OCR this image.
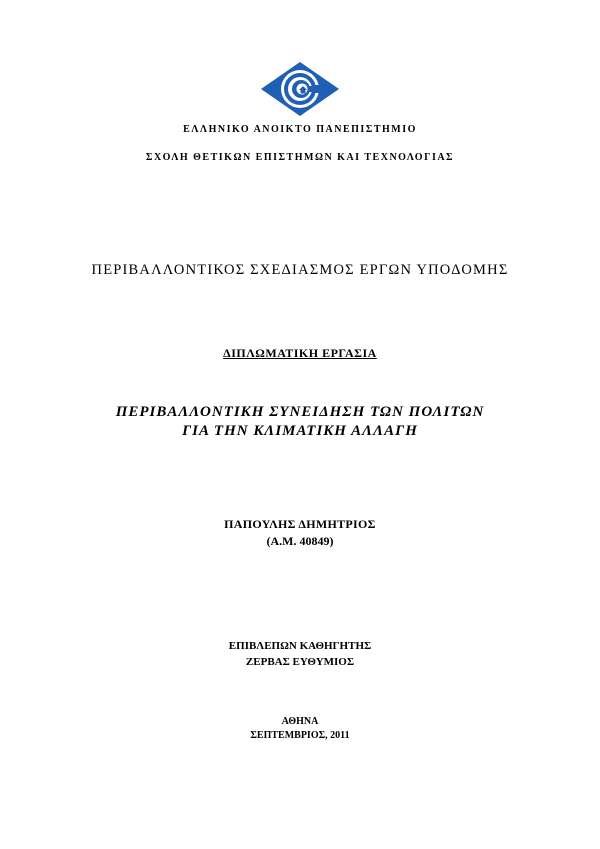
ΕΛΛΗΝΙΚΟ ΑΝΟΙΚΤΟ ΠΑΝΕΠΙΣΤΗΜΙΟ
ΣΧΟΛΗ ΘΕΤΙΚΩΝ ΕΠΙΣΤΗΜΩΝ ΚΑΙ ΤΕΧΝΟΛΟΓΙΑΣ
ΠΕΡΙΒΑΛΛΟΝΤΙΚΟΣ ΣΧΕΔΙΑΣΜΟΣ ΕΡΓΩΝ ΥΠΟΔΟΜΗΣ
ΔΙΠΛΩΜΑΤΙΚΗ ΕΡΓΑΣΙΑ
ΠΕΡΙΒΑΛΛΟΝΤΙΚΗ ΣΥΝΕΙΔΗΣΗ ΤΩΝ ΠΟΛΙΤΩΝ
ΓΙΑ ΤΗΝ ΚΛΙΜΑΤΙΚΗ ΑΛΛΑΓΗ
ΠΑΠΟΥΛΗΣ ΔΗΜΗΤΡΙΟΣ
(Α.Μ. 40849)
ΕΠΙΒΛΕΠΩΝ ΚΑΘΗΓΗΤΗΣ
ΖΕΡΒΑΣ ΕΥΘΥΜΙΟΣ
ΑΘΗΝΑ
ΣΕΠΤΕΜΒΡΙΟΣ, 2011
